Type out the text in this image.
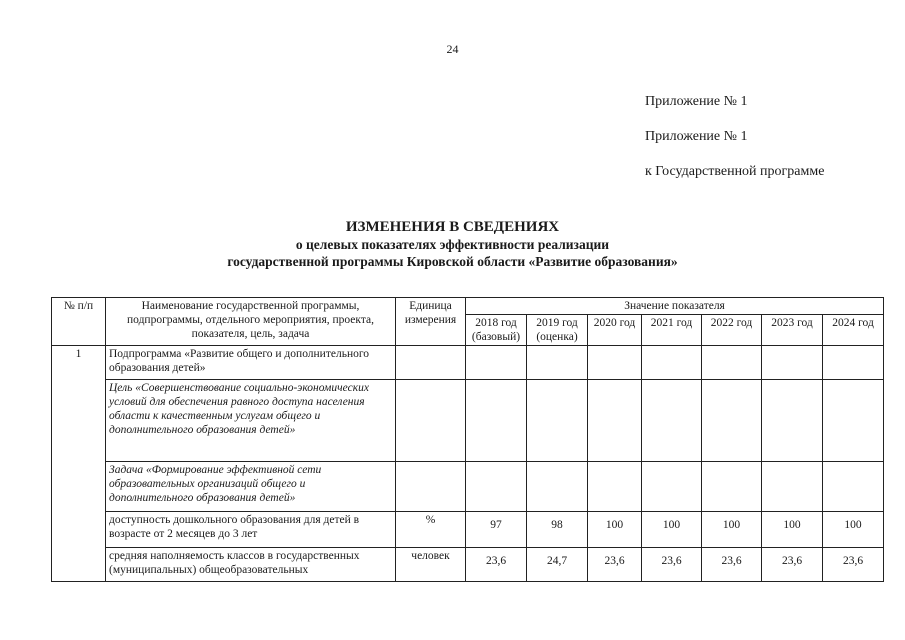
24
Приложение № 1
Приложение № 1
к Государственной программе
ИЗМЕНЕНИЯ В СВЕДЕНИЯХ
о целевых показателях эффективности реализации
государственной программы Кировской области «Развитие образования»
№ п/п	Наименование государственной программы, подпрограммы, отдельного мероприятия, проекта, показателя, цель, задача	Единица измерения	Значение показателя						
			2018 год (базовый)	2019 год (оценка)	2020 год	2021 год	2022 год	2023 год	2024 год
1	Подпрограмма «Развитие общего и дополнительного образования детей»								
	Цель «Совершенствование социально-экономических условий для обеспечения равного доступа населения области к качественным услугам общего и дополнительного образования детей»								
	Задача «Формирование эффективной сети образовательных организаций общего и дополнительного образования детей»								
	доступность дошкольного образования для детей в возрасте от 2 месяцев до 3 лет	%	97	98	100	100	100	100	100
	средняя наполняемость классов в государственных (муниципальных) общеобразовательных	человек	23,6	24,7	23,6	23,6	23,6	23,6	23,6
